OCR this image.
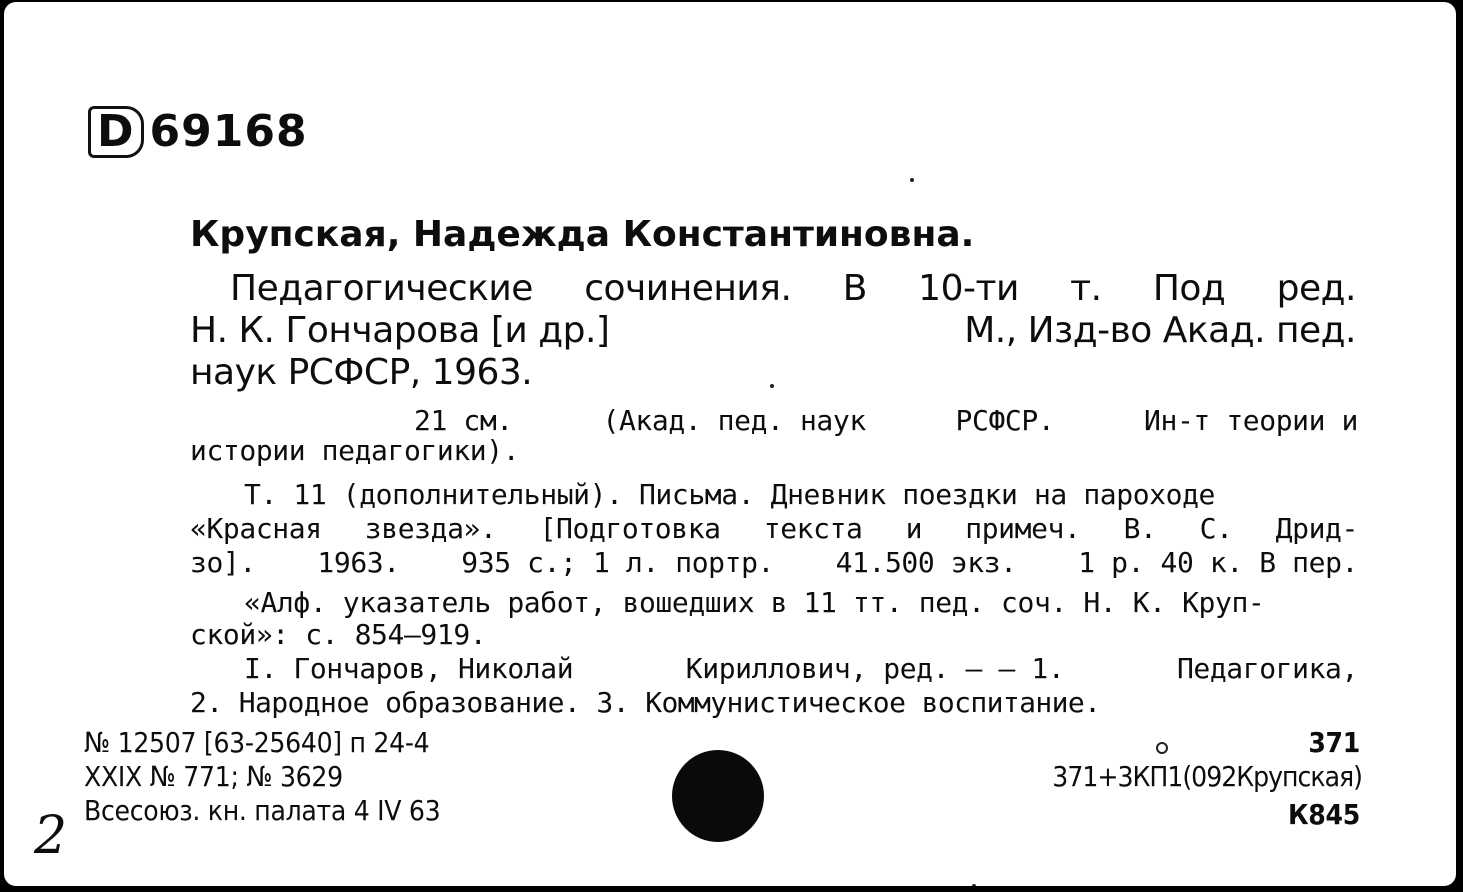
D 69168
Крупская, Надежда Константиновна.
Педагогические сочинения. В 10-ти т. Под ред.
Н. К. Гончарова [и др.]	М., Изд-во Акад. пед.
наук РСФСР, 1963.
21 см.	(Акад. пед. наук	РСФСР.	Ин-т теории и
истории педагогики).
Т. 11 (дополнительный). Письма. Дневник поездки на пароходе
«Красная звезда». [Подготовка текста и примеч. В. С. Дрид-
зо]. 1963. 935 с.; 1 л. портр. 41.500 экз. 1 р. 40 к. В пер.
«Алф. указатель работ, вошедших в 11 тт. пед. соч. Н. К. Круп-
ской»: с. 854—919.
I. Гончаров, Николай	Кириллович, ред. — — 1.	Педагогика,
2. Народное образование. 3. Коммунистическое воспитание.
№ 12507 [63-25640] п 24-4
XXIX № 771; № 3629
Всесоюз. кн. палата 4 IV 63
371
371+3КП1(092Крупская)
К845
2
